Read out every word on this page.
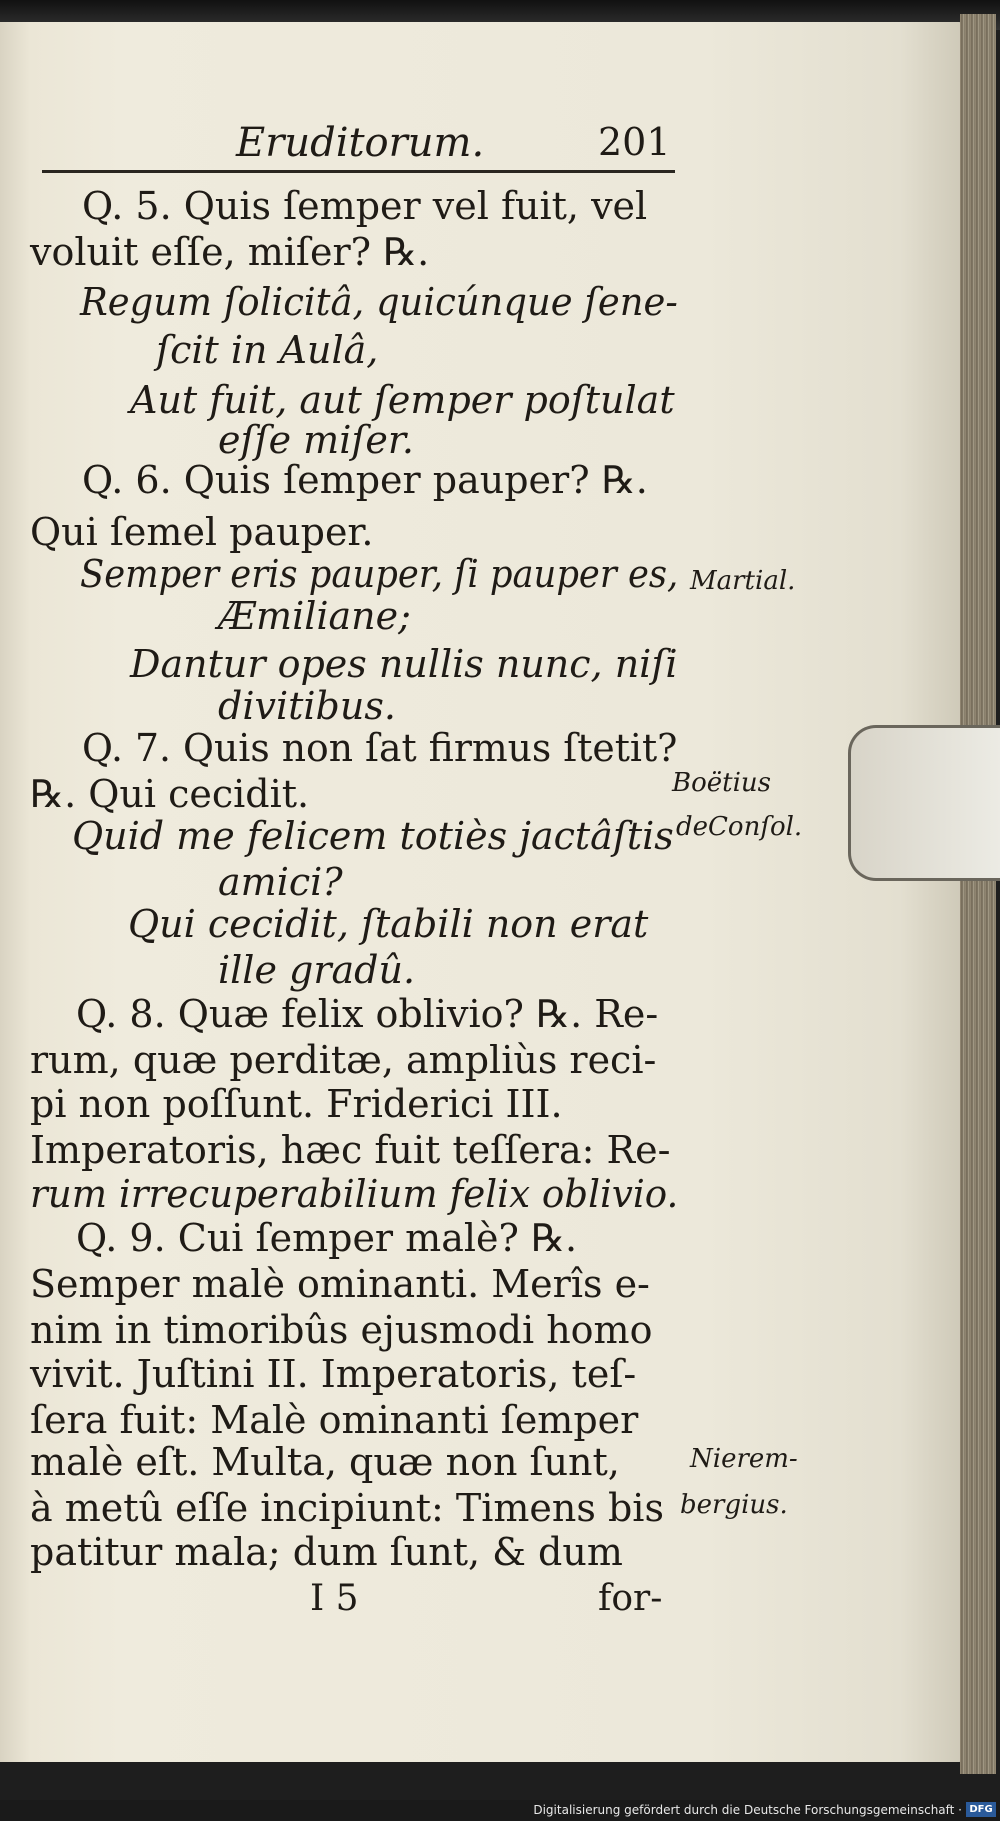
Eruditorum.	201
Q. 5. Quis ſemper vel fuit, vel
voluit eſſe, miſer? ℞.
Regum ſolicitâ, quicúnque ſene-
ſcit in Aulâ,
Aut fuit, aut ſemper poſtulat
eſſe miſer.
Q. 6. Quis ſemper pauper? ℞.
Qui ſemel pauper.
Semper eris pauper, ſi pauper es,
Æmiliane;
Dantur opes nullis nunc, niſi
divitibus.
Q. 7. Quis non ſat firmus ſtetit?
℞. Qui cecidit.
Quid me felicem totiès jactâſtis
amici?
Qui cecidit, ſtabili non erat
ille gradû.
Q. 8. Quæ felix oblivio? ℞. Re-
rum, quæ perditæ, ampliùs reci-
pi non poſſunt. Friderici III.
Imperatoris, hæc fuit teſſera: Re-
rum irrecuperabilium felix oblivio.
Q. 9. Cui ſemper malè? ℞.
Semper malè ominanti. Merîs e-
nim in timoribûs ejusmodi homo
vivit. Juſtini II. Imperatoris, teſ-
ſera fuit: Malè ominanti ſemper
malè eſt. Multa, quæ non ſunt,
à metû eſſe incipiunt: Timens bis
patitur mala; dum ſunt, & dum
I 5	for-
Martial.
Boëtius
deConſol.
Nierem-
bergius.
Digitalisierung gefördert durch die Deutsche Forschungsgemeinschaft · DFG
